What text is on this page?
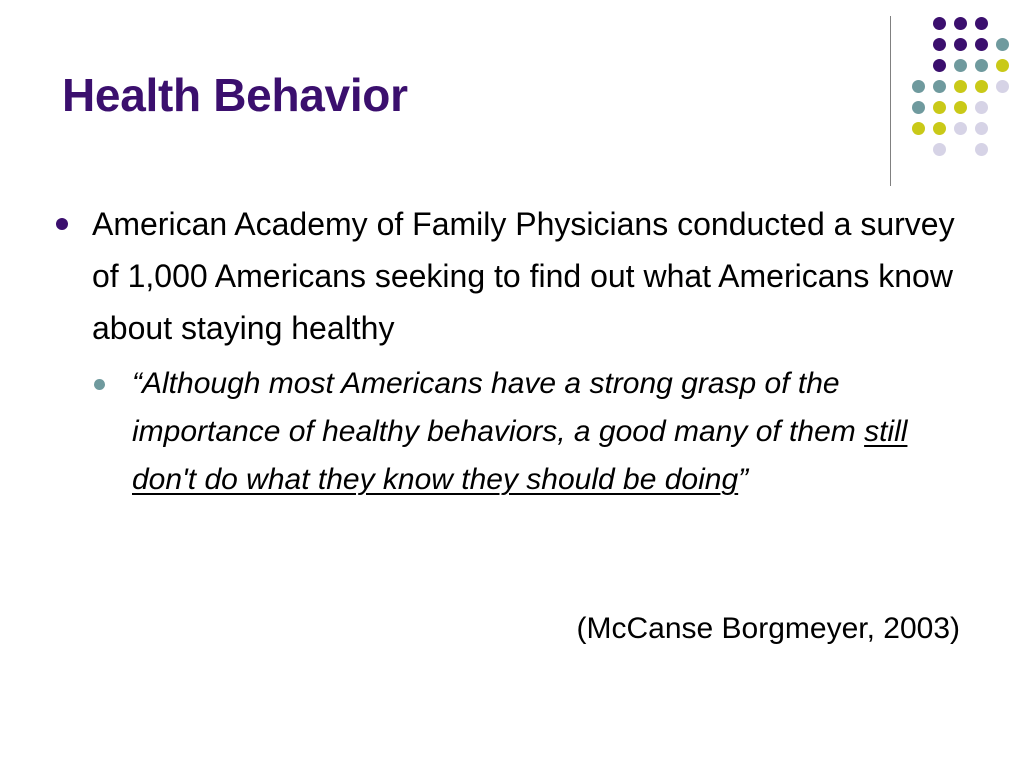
Health Behavior

American Academy of Family Physicians conducted a survey of 1,000 Americans seeking to find out what Americans know about staying healthy

“Although most Americans have a strong grasp of the importance of healthy behaviors, a good many of them still don't do what they know they should be doing”

(McCanse Borgmeyer, 2003)
